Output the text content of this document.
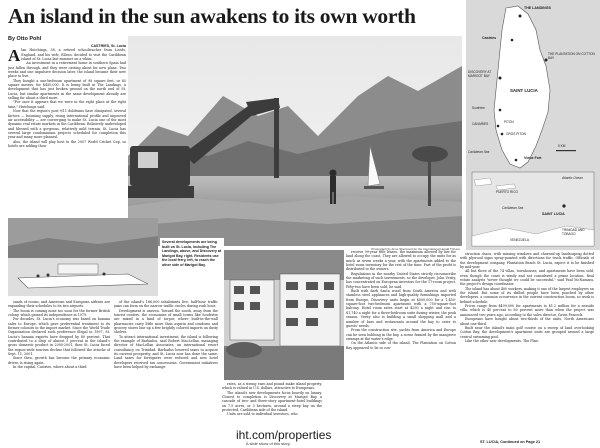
An island in the sun awakens to its own worth
By Otto Pohl
CASTRIES, St. Lucia

Alan Hutchings, 58, a retired schoolteacher from Leeds, England, and his wife, Eileen, decided to visit the Caribbean island of St. Lucia last summer on a whim.

An investment in a retirement home in southern Spain had just fallen through, and they were casting about for new plans. Two weeks and one impulsive decision later, the island became their new place to live.

They bought a one-bedroom apartment of 98 square feet, or 85 square meters, for $450,000. It is being built in The Landings, a development that has just broken ground on the north end of St. Lucia, but similar apartments in the same development already are selling for about a third more.

"For once it appears that we were in the right place at the right time," Hutchings said.

Now that the region's post-9/11 doldrums have dissipated, several factors — booming supply, rising international profile and improved air accessibility — are converging to make St. Lucia one of the most dynamic real estate markets in the Caribbean. Relatively undeveloped and blessed with a gorgeous, relatively mild terrain, St. Lucia has several large condominium projects scheduled for completion this year and many more planned.

Also, the island will play host to the 2007 World Cricket Cup, so hotels are adding thou-

Photograph by Anne Sherwood for the International Herald Tribune
THE LANDINGS
THE PLANTATION ON COTTON BAY
Castries
DISCOVERY AT MARIGOT BAY
SAINT LUCIA
Soufrière
PITON
CANARIES
GROS PITON
Vieux Fort
Caribbean Sea
5 KM
Atlantic Ocean
PUERTO RICO
Caribbean Sea
SAINT LUCIA
TRINIDAD AND TOBAGO
VENEZUELA
IHT
Several developments are being built on St. Lucia, including The Landings, above, and Discovery at Marigot Bay, right. Residents use the local ferry, left, to reach the other side of Marigot Bay.

sands of rooms, and American and European airlines are expanding their schedules to its two airports.

The boom is coming none too soon for the former British colony, which gained its independence in 1979.

For decades, St. Lucia's economy was based on banana sales to Europe, which gave preferential treatment to its former colonies in the import market. Since the World Trade Organization declared such preference illegal in 1997, St. Lucia's banana exports have dropped by 80 percent. That contributed to a drop of almost 5 percent in the island's gross domestic product in 2000-2001, then St. Lucia faced the region-wide tourism decline that followed the attacks of Sept. 11, 2001.

Since then, growth has become the primary economic driver, is rising again.

In the capital, Castries, where about a third

of the island's 166,000 inhabitants live, half-hour traffic jams can form on the narrow traffic circles during rush hour.

Development is uneven. Toward the south, away from the tourist centers, the economies of small towns like Soufrière are mixed in a kind of torpor, where built-in-the-wall pharmacies carry little more than aspirin and condoms and grocery stores line up a few brightly colored imports on dusty shelves.

To attract international investment, the island is following the example of Barbados, said Robert MacLellan, managing director of MacLellan Associates, an international resort consultancy on Trinidad. Barbados lowered taxes to acquire its current prosperity, and St. Lucia now has done the same: Land taxes for foreigners were reduced and new hotel developers received tax concessions. Government initiatives have been helped by exchange

rates, as a strong euro and pound make island property, which is valued in U.S. dollars, attractive to Europeans.

The island's new developments focus heavily on luxury. Closest to completion is Discovery at Marigot Bay, a cascade of two- and three-story apartment-hotel buildings on 7.5 acres, or 3 hectares, around a steep bay on the protected, Caribbean side of the island.

Units are sold to individual investors, who

iht.com/properties
A slide show of this story.

receive 99-year title leases, the maximum allowed by law for land along the coast. They are allowed to occupy the units for as much as seven weeks a year, with the apartments added to the hotel room inventory for the rest of the time. Part of the profit is distributed to the owners.

Regulations in the nearby United States strictly circumscribe the marketing of such investments, so the developer, John Verity, has concentrated on European investors for the 17-room project. Fifty-two have been sold, he said.

Built with dark Santa wood from South America and with stainless steel appliances and high-quality furnishings imported from Europe, Discovery units begin at $500,000 for a 1,450-square-foot two-bedroom apartment with a 750-square-foot balcony. Hotel room rates start at $290 a night and rise to $1,740 a night for a three-bedroom suite during winter, the peak season. Verity also is building a small shopping mall and a number of bars and restaurants around the bay to cater to guests' needs.

From the construction site, yachts from America and Europe can be seen bobbing in the bay, a scene framed by the mangrove swamps at the water's edge.

On the Atlantic side of the island, The Plantation on Cotton Bay appeared to be in con-

struction chaos, with missing windows and churned-up landscaping dotted with plywood signs spray-painted with directions for truck traffic. Officials of the development company, Plantation Beach St. Lucia, expect it to be finished by mid-year.

All but three of the 74 villas, townhouses, and apartments have been sold, even though the coast is windy and not considered a prime location. Real estate analysts "never thought we could be successful," said Paul McNamara, the project's design coordinator.

The island has about 400 workers, making it one of the largest employers on the island. But some of its skilled people have been poached by other developers, a common occurrence in the current construction boom, so work is behind schedule.

Prices range from $499,000 for apartments to $1.2 million for a seaside villa, which is 40 percent to 80 percent more than when the project was announced two years ago, according to the sales director, Gavin Peacock.

Europeans have bought about two-thirds of the units, North Americans about one-third.

Built near the island's main golf course on a sweep of land overlooking Cotton Bay, the development's apartment units are grouped around a large central swimming pool.

Like the other new developments, The Plan-

ST. LUCIA, Continued on Page 21
